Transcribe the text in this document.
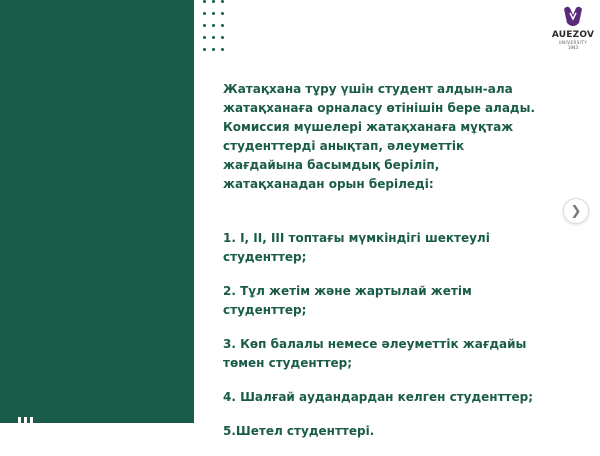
AUEZOV
UNIVERSITY
1943

Жатақхана тұру үшін студент алдын-ала жатақханаға орналасу өтінішін бере алады. Комиссия мүшелері жатақханаға мұқтаж студенттерді анықтап, әлеуметтік жағдайына басымдық беріліп, жатақханадан орын беріледі:

1. I, II, III топтағы мүмкіндігі шектеулі студенттер;

2. Тұл жетім және жартылай жетім студенттер;

3. Көп балалы немесе әлеуметтік жағдайы төмен студенттер;

4. Шалғай аудандардан келген студенттер;

5.Шетел студенттері.

❯
